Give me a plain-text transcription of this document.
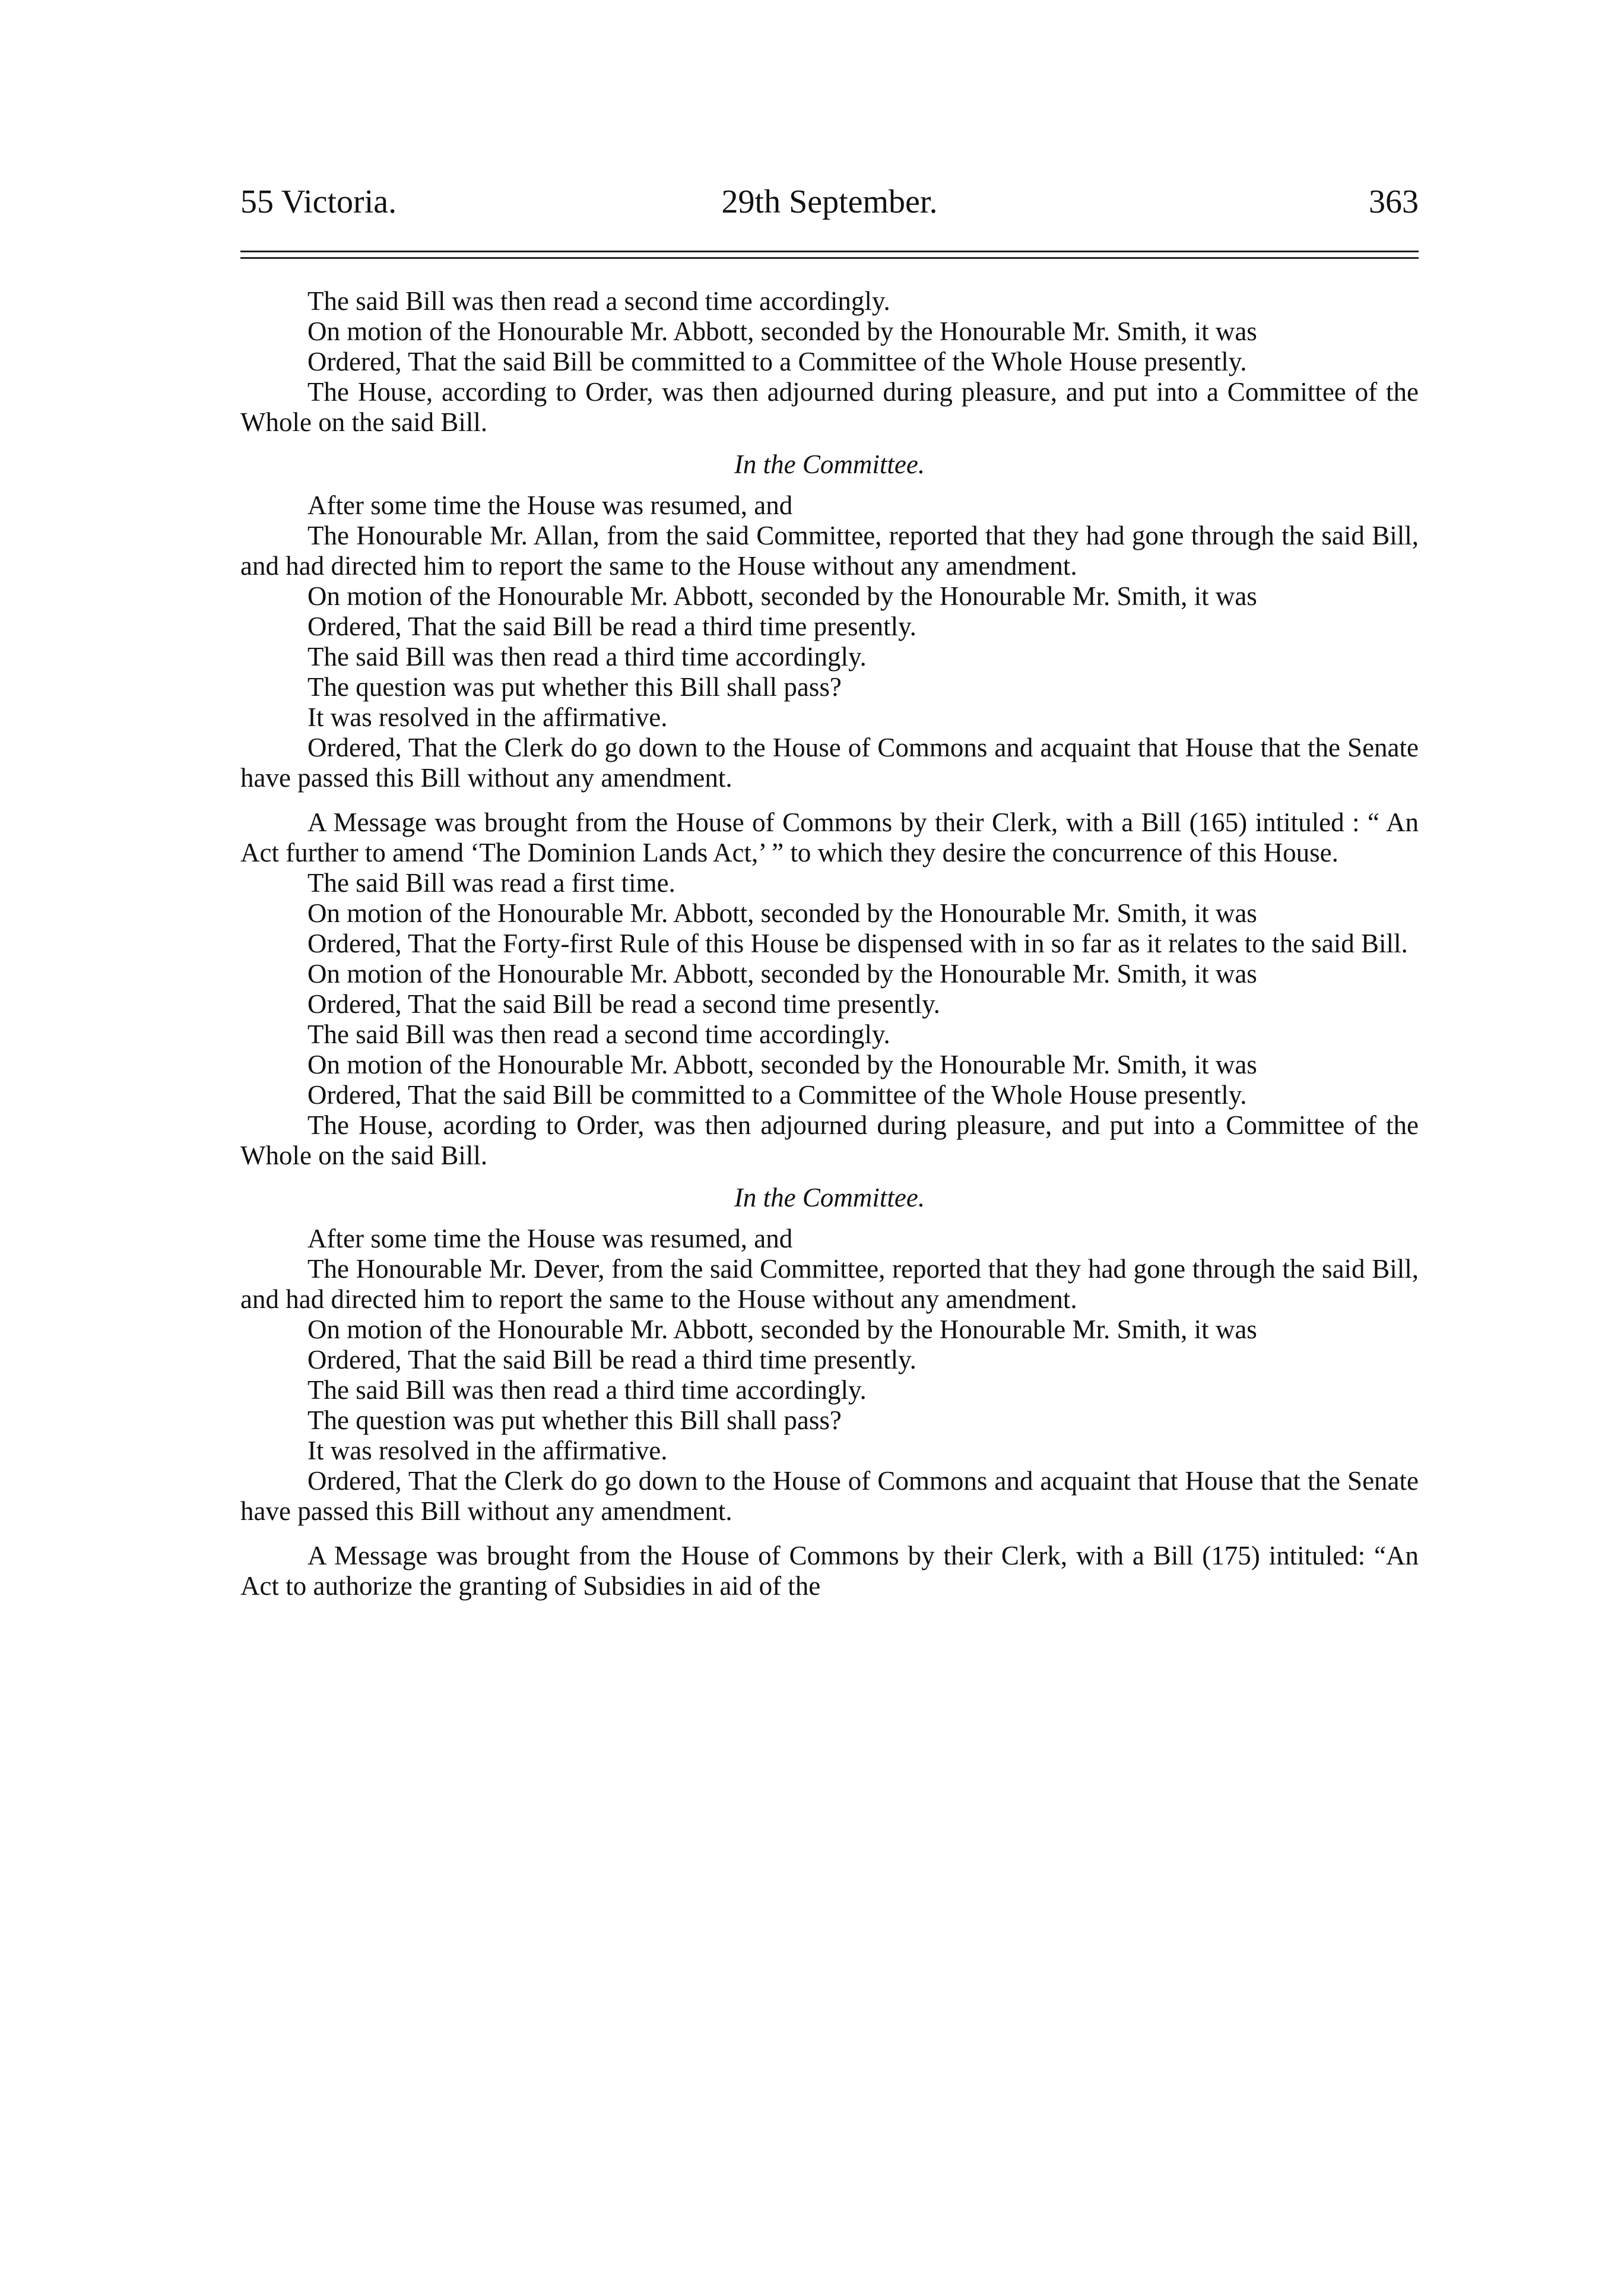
55 Victoria.	29th September.	363

The said Bill was then read a second time accordingly.

On motion of the Honourable Mr. Abbott, seconded by the Honourable Mr. Smith, it was

Ordered, That the said Bill be committed to a Committee of the Whole House presently.

The House, according to Order, was then adjourned during pleasure, and put into a Committee of the Whole on the said Bill.

In the Committee.

After some time the House was resumed, and

The Honourable Mr. Allan, from the said Committee, reported that they had gone through the said Bill, and had directed him to report the same to the House without any amendment.

On motion of the Honourable Mr. Abbott, seconded by the Honourable Mr. Smith, it was

Ordered, That the said Bill be read a third time presently.

The said Bill was then read a third time accordingly.

The question was put whether this Bill shall pass?

It was resolved in the affirmative.

Ordered, That the Clerk do go down to the House of Commons and acquaint that House that the Senate have passed this Bill without any amendment.

A Message was brought from the House of Commons by their Clerk, with a Bill (165) intituled : “ An Act further to amend ‘The Dominion Lands Act,’ ” to which they desire the concurrence of this House.

The said Bill was read a first time.

On motion of the Honourable Mr. Abbott, seconded by the Honourable Mr. Smith, it was

Ordered, That the Forty-first Rule of this House be dispensed with in so far as it relates to the said Bill.

On motion of the Honourable Mr. Abbott, seconded by the Honourable Mr. Smith, it was

Ordered, That the said Bill be read a second time presently.

The said Bill was then read a second time accordingly.

On motion of the Honourable Mr. Abbott, seconded by the Honourable Mr. Smith, it was

Ordered, That the said Bill be committed to a Committee of the Whole House presently.

The House, acording to Order, was then adjourned during pleasure, and put into a Committee of the Whole on the said Bill.

In the Committee.

After some time the House was resumed, and

The Honourable Mr. Dever, from the said Committee, reported that they had gone through the said Bill, and had directed him to report the same to the House without any amendment.

On motion of the Honourable Mr. Abbott, seconded by the Honourable Mr. Smith, it was

Ordered, That the said Bill be read a third time presently.

The said Bill was then read a third time accordingly.

The question was put whether this Bill shall pass?

It was resolved in the affirmative.

Ordered, That the Clerk do go down to the House of Commons and acquaint that House that the Senate have passed this Bill without any amendment.

A Message was brought from the House of Commons by their Clerk, with a Bill (175) intituled: “An Act to authorize the granting of Subsidies in aid of the
